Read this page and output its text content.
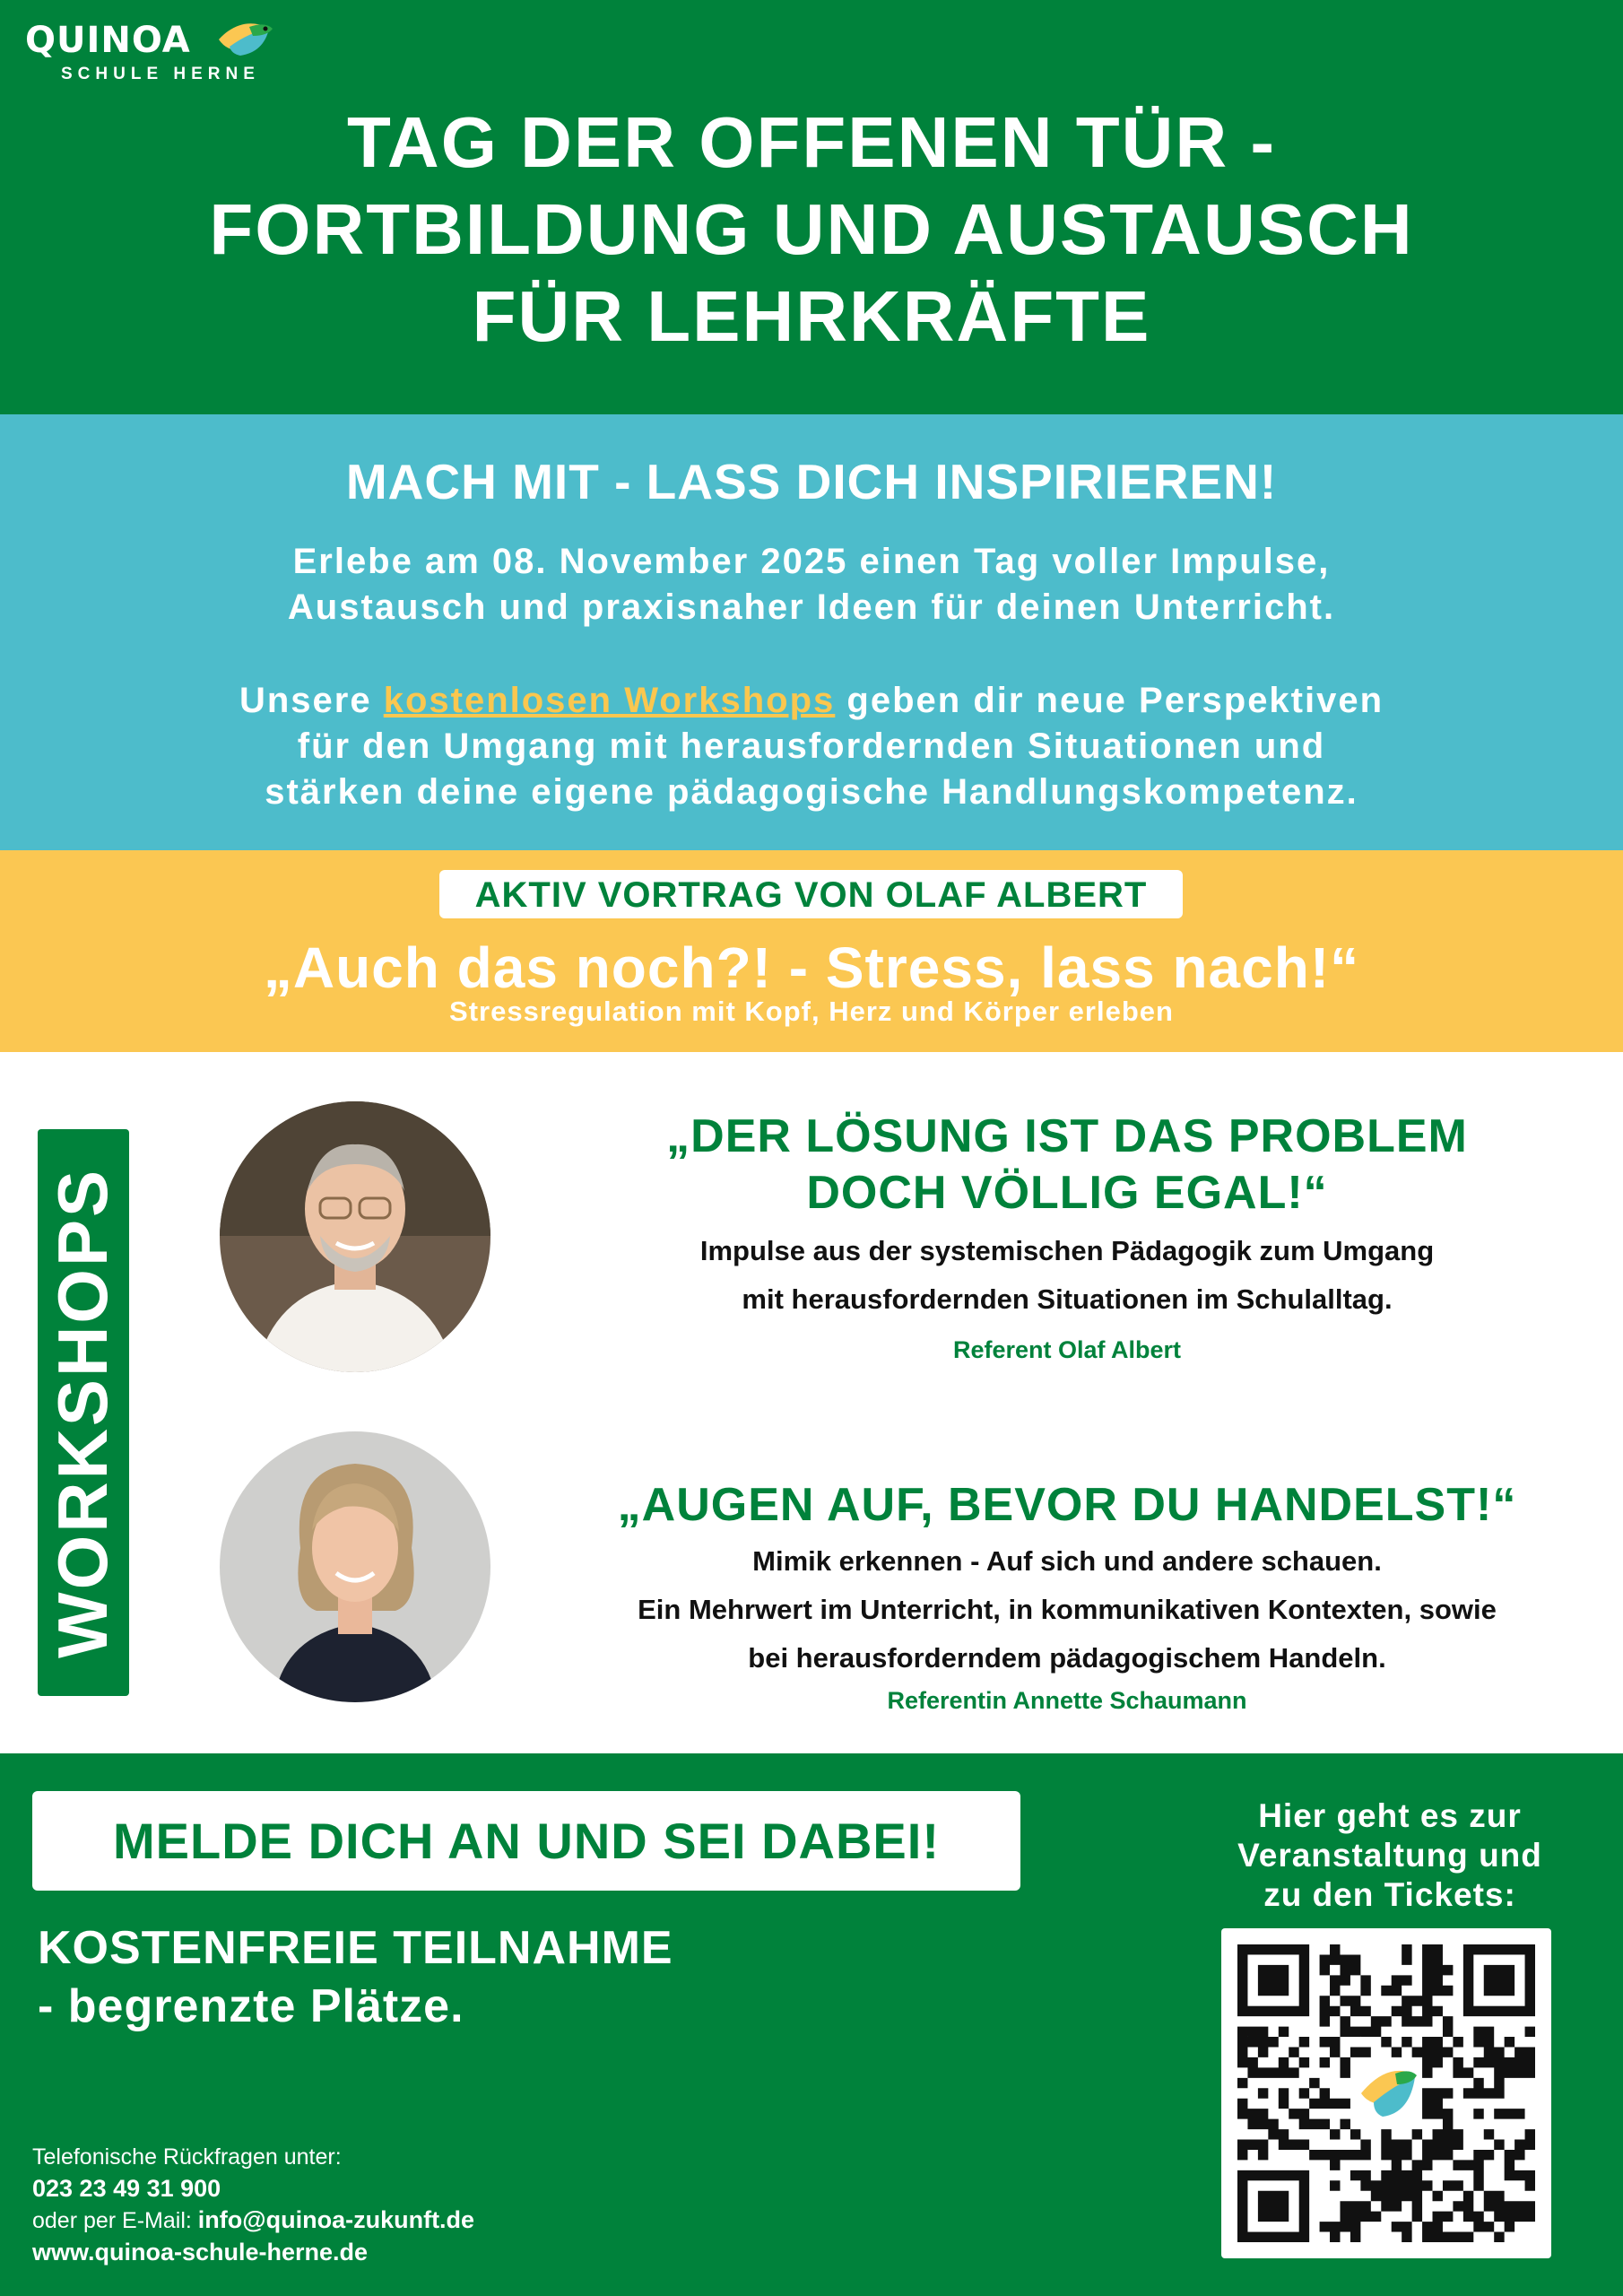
QUINOA
SCHULE HERNE
TAG DER OFFENEN TÜR -
FORTBILDUNG UND AUSTAUSCH
FÜR LEHRKRÄFTE
MACH MIT - LASS DICH INSPIRIEREN!
Erlebe am 08. November 2025 einen Tag voller Impulse,
Austausch und praxisnaher Ideen für deinen Unterricht.
Unsere kostenlosen Workshops geben dir neue Perspektiven
für den Umgang mit herausfordernden Situationen und
stärken deine eigene pädagogische Handlungskompetenz.
AKTIV VORTRAG VON OLAF ALBERT
„Auch das noch?! - Stress, lass nach!“
Stressregulation mit Kopf, Herz und Körper erleben
WORKSHOPS
„DER LÖSUNG IST DAS PROBLEM
DOCH VÖLLIG EGAL!“
Impulse aus der systemischen Pädagogik zum Umgang
mit herausfordernden Situationen im Schulalltag.
Referent Olaf Albert
„AUGEN AUF, BEVOR DU HANDELST!“
Mimik erkennen - Auf sich und andere schauen.
Ein Mehrwert im Unterricht, in kommunikativen Kontexten, sowie
bei herausforderndem pädagogischem Handeln.
Referentin Annette Schaumann
MELDE DICH AN UND SEI DABEI!
KOSTENFREIE TEILNAHME
- begrenzte Plätze.
Telefonische Rückfragen unter:
023 23 49 31 900
oder per E-Mail: info@quinoa-zukunft.de
www.quinoa-schule-herne.de
Hier geht es zur
Veranstaltung und
zu den Tickets:
